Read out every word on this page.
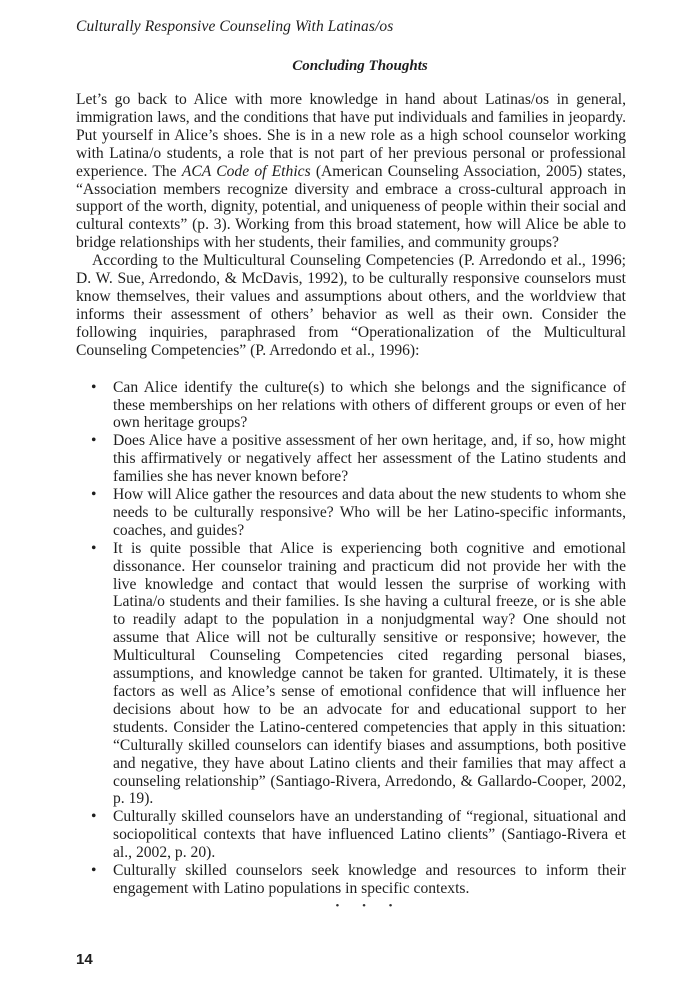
Culturally Responsive Counseling With Latinas/os
Concluding Thoughts

Let’s go back to Alice with more knowledge in hand about Latinas/os in general, immigration laws, and the conditions that have put individuals and families in jeopardy. Put yourself in Alice’s shoes. She is in a new role as a high school counselor working with Latina/o students, a role that is not part of her previous personal or professional experience. The ACA Code of Ethics (American Counseling Association, 2005) states, “Association members recognize diversity and embrace a cross-cultural approach in support of the worth, dignity, potential, and uniqueness of people within their social and cultural contexts” (p. 3). Working from this broad statement, how will Alice be able to bridge relationships with her students, their families, and community groups?

According to the Multicultural Counseling Competencies (P. Arredondo et al., 1996; D. W. Sue, Arredondo, & McDavis, 1992), to be culturally responsive counselors must know themselves, their values and assumptions about others, and the worldview that informs their assessment of others’ behavior as well as their own. Consider the following inquiries, paraphrased from “Operationalization of the Multicultural Counseling Competencies” (P. Arredondo et al., 1996):

• Can Alice identify the culture(s) to which she belongs and the significance of these memberships on her relations with others of different groups or even of her own heritage groups?
• Does Alice have a positive assessment of her own heritage, and, if so, how might this affirmatively or negatively affect her assessment of the Latino students and families she has never known before?
• How will Alice gather the resources and data about the new students to whom she needs to be culturally responsive? Who will be her Latino-specific informants, coaches, and guides?
• It is quite possible that Alice is experiencing both cognitive and emotional dissonance. Her counselor training and practicum did not provide her with the live knowledge and contact that would lessen the surprise of working with Latina/o students and their families. Is she having a cultural freeze, or is she able to readily adapt to the population in a nonjudgmental way? One should not assume that Alice will not be culturally sensitive or responsive; however, the Multicultural Counseling Competencies cited regarding personal biases, assumptions, and knowledge cannot be taken for granted. Ultimately, it is these factors as well as Alice’s sense of emotional confidence that will influence her decisions about how to be an advocate for and educational support to her students. Consider the Latino-centered competencies that apply in this situation: “Culturally skilled counselors can identify biases and assumptions, both positive and negative, they have about Latino clients and their families that may affect a counseling relationship” (Santiago-Rivera, Arredondo, & Gallardo-Cooper, 2002, p. 19).
• Culturally skilled counselors have an understanding of “regional, situational and sociopolitical contexts that have influenced Latino clients” (Santiago-Rivera et al., 2002, p. 20).
• Culturally skilled counselors seek knowledge and resources to inform their engagement with Latino populations in specific contexts.
• • •
14
